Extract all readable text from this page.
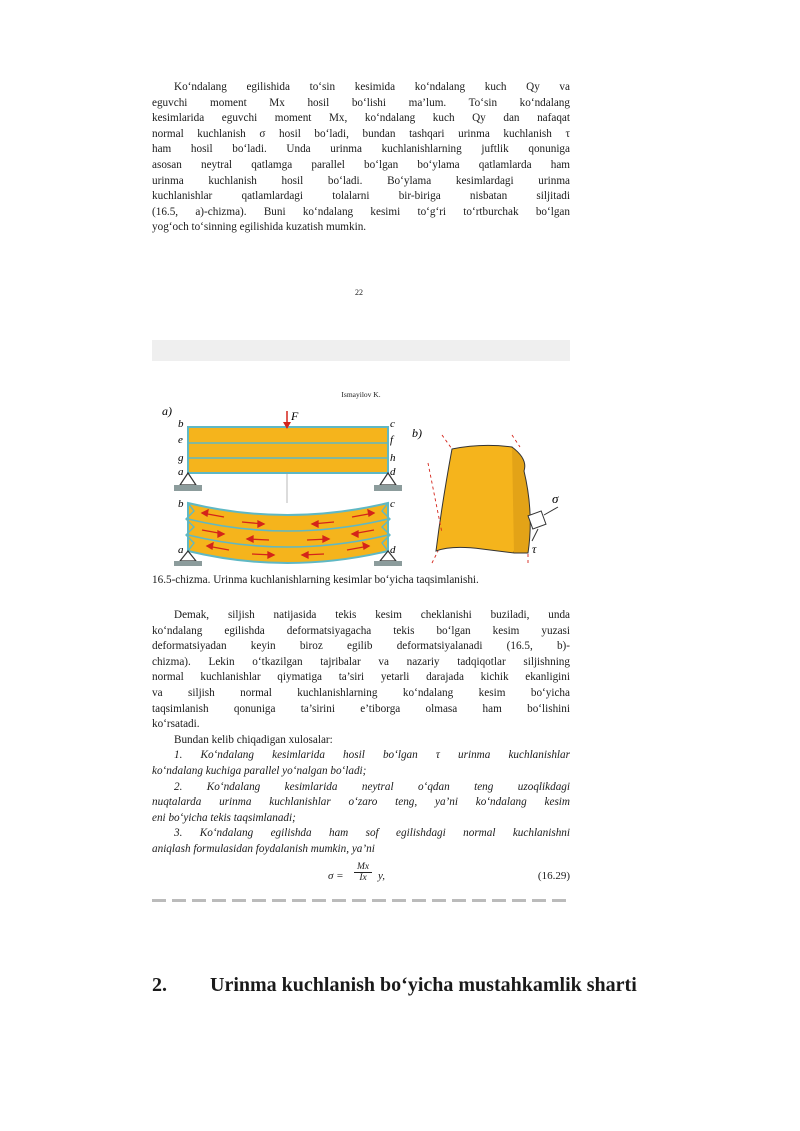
Ko‘ndalang egilishida to‘sin kesimida ko‘ndalang kuch Qy va
eguvchi moment Mx hosil bo‘lishi ma’lum. To‘sin ko‘ndalang
kesimlarida eguvchi moment Mx, ko‘ndalang kuch Qy dan nafaqat
normal kuchlanish σ hosil bo‘ladi, bundan tashqari urinma kuchlanish τ
ham hosil bo‘ladi. Unda urinma kuchlanishlarning juftlik qonuniga
asosan neytral qatlamga parallel bo‘lgan bo‘ylama qatlamlarda ham
urinma kuchlanish hosil bo‘ladi. Bo‘ylama kesimlardagi urinma
kuchlanishlar qatlamlardagi tolalarni bir-biriga nisbatan siljitadi
(16.5, a)-chizma). Buni ko‘ndalang kesimi to‘g‘ri to‘rtburchak bo‘lgan
yog‘och to‘sinning egilishida kuzatish mumkin.
22
Ismayilov K.
a)	F
b
e
g
a
c
f
h
d
b	c
a	d
b)
σ
τ
16.5-chizma. Urinma kuchlanishlarning kesimlar bo‘yicha taqsimlanishi.
Demak, siljish natijasida tekis kesim cheklanishi buziladi, unda
ko‘ndalang egilishda deformatsiyagacha tekis bo‘lgan kesim yuzasi
deformatsiyadan keyin biroz egilib deformatsiyalanadi (16.5, b)-
chizma). Lekin o‘tkazilgan tajribalar va nazariy tadqiqotlar siljishning
normal kuchlanishlar qiymatiga ta’siri yetarli darajada kichik ekanligini
va siljish normal kuchlanishlarning ko‘ndalang kesim bo‘yicha
taqsimlanish qonuniga ta’sirini e’tiborga olmasa ham bo‘lishini
ko‘rsatadi.
Bundan kelib chiqadigan xulosalar:
1. Ko‘ndalang kesimlarida hosil bo‘lgan τ urinma kuchlanishlar
ko‘ndalang kuchiga parallel yo‘nalgan bo‘ladi;
2. Ko‘ndalang kesimlarida neytral o‘qdan teng uzoqlikdagi
nuqtalarda urinma kuchlanishlar o‘zaro teng, ya’ni ko‘ndalang kesim
eni bo‘yicha tekis taqsimlanadi;
3. Ko‘ndalang egilishda ham sof egilishdagi normal kuchlanishni
aniqlash formulasidan foydalanish mumkin, ya’ni
$\sigma = \frac{Mx}{Ix} y$,	(16.29)
2. Urinma kuchlanish bo‘yicha mustahkamlik sharti
